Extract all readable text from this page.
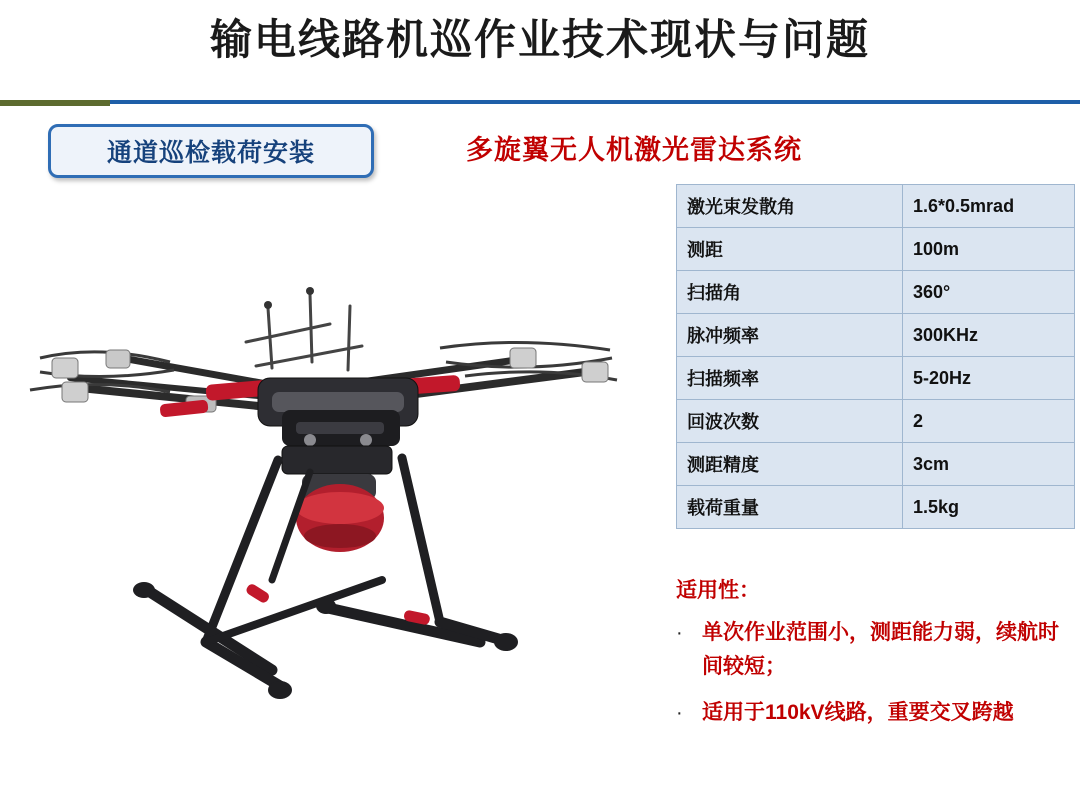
输电线路机巡作业技术现状与问题
通道巡检载荷安装	多旋翼无人机激光雷达系统
激光束发散角	1.6*0.5mrad
测距	100m
扫描角	360°
脉冲频率	300KHz
扫描频率	5-20Hz
回波次数	2
测距精度	3cm
载荷重量	1.5kg
适用性：
· 单次作业范围小，测距能力弱，续航时间较短；
· 适用于110kV线路，重要交叉跨越
